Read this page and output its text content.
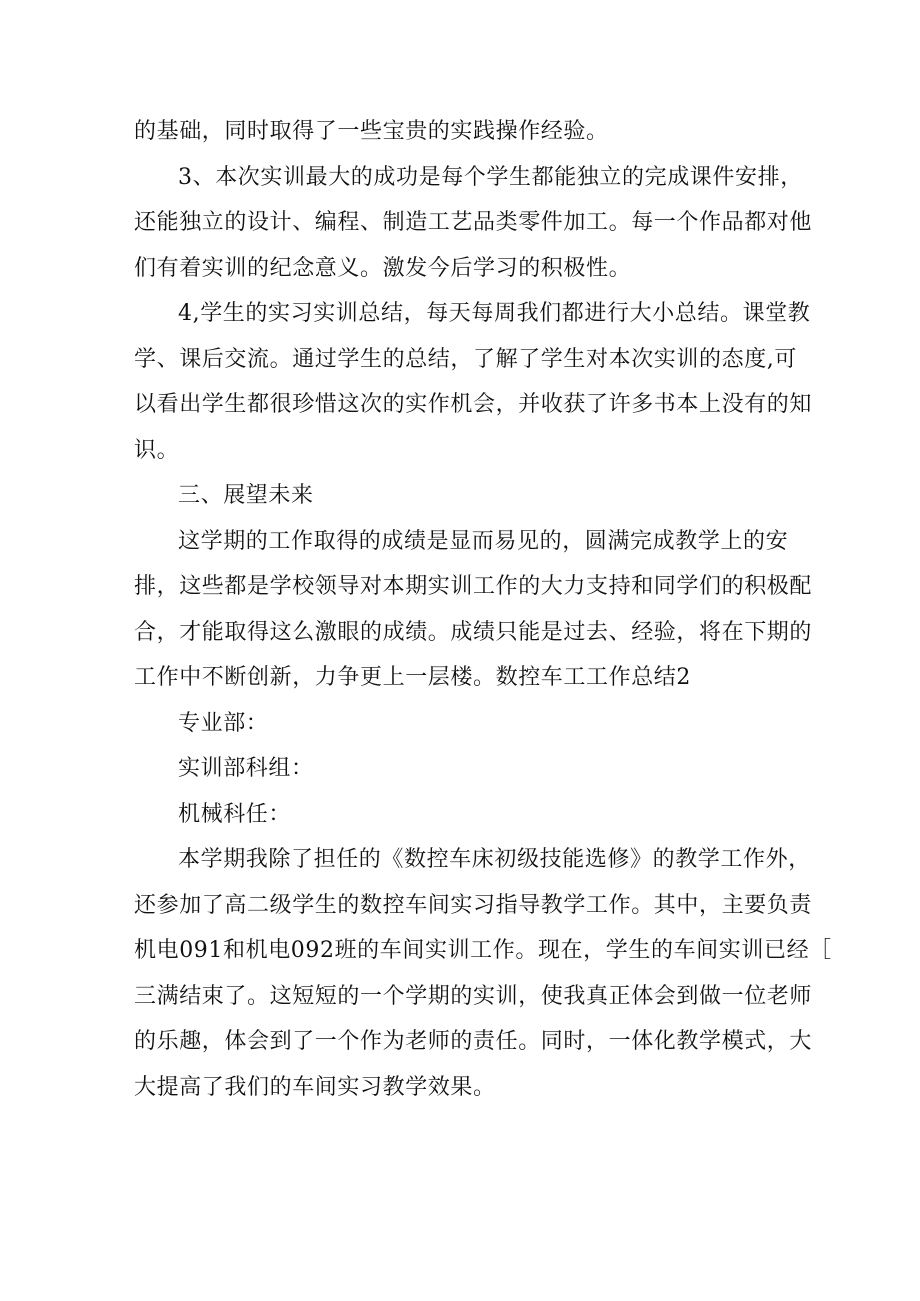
的基础，同时取得了一些宝贵的实践操作经验。
3、本次实训最大的成功是每个学生都能独立的完成课件安排，
还能独立的设计、编程、制造工艺品类零件加工。每一个作品都对他
们有着实训的纪念意义。激发今后学习的积极性。
4,学生的实习实训总结，每天每周我们都进行大小总结。课堂教
学、课后交流。通过学生的总结，了解了学生对本次实训的态度,可
以看出学生都很珍惜这次的实作机会，并收获了许多书本上没有的知
识。
三、展望未来
这学期的工作取得的成绩是显而易见的，圆满完成教学上的安
排，这些都是学校领导对本期实训工作的大力支持和同学们的积极配
合，才能取得这么激眼的成绩。成绩只能是过去、经验，将在下期的
工作中不断创新，力争更上一层楼。数控车工工作总结2
专业部：
实训部科组：
机械科任：
本学期我除了担任的《数控车床初级技能选修》的教学工作外，
还参加了高二级学生的数控车间实习指导教学工作。其中，主要负责
机电091和机电092班的车间实训工作。现在，学生的车间实训已经［
三满结束了。这短短的一个学期的实训，使我真正体会到做一位老师
的乐趣，体会到了一个作为老师的责任。同时，一体化教学模式，大
大提高了我们的车间实习教学效果。
